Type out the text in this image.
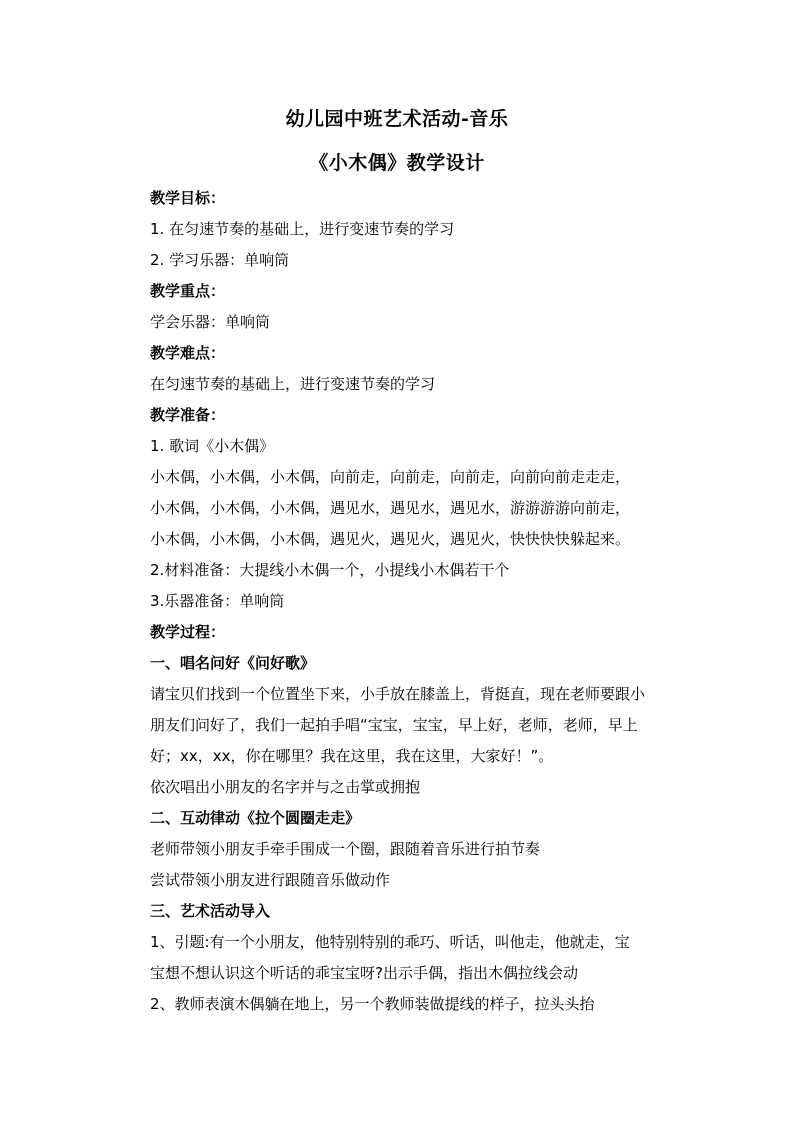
幼儿园中班艺术活动-音乐
《小木偶》教学设计
教学目标：
1. 在匀速节奏的基础上，进行变速节奏的学习
2. 学习乐器：单响筒
教学重点：
学会乐器：单响筒
教学难点：
在匀速节奏的基础上，进行变速节奏的学习
教学准备：
1. 歌词《小木偶》
小木偶，小木偶，小木偶，向前走，向前走，向前走，向前向前走走走，
小木偶，小木偶，小木偶，遇见水，遇见水，遇见水，游游游游向前走，
小木偶，小木偶，小木偶，遇见火，遇见火，遇见火，快快快快躲起来。
2.材料准备：大提线小木偶一个，小提线小木偶若干个
3.乐器准备：单响筒
教学过程：
一、唱名问好《问好歌》
请宝贝们找到一个位置坐下来，小手放在膝盖上，背挺直，现在老师要跟小
朋友们问好了，我们一起拍手唱“宝宝，宝宝，早上好，老师，老师，早上
好；xx，xx，你在哪里？我在这里，我在这里，大家好！”。
依次唱出小朋友的名字并与之击掌或拥抱
二、互动律动《拉个圆圈走走》
老师带领小朋友手牵手围成一个圈，跟随着音乐进行拍节奏
尝试带领小朋友进行跟随音乐做动作
三、艺术活动导入
1、引题:有一个小朋友，他特别特别的乖巧、听话，叫他走，他就走，宝
宝想不想认识这个听话的乖宝宝呀?出示手偶，指出木偶拉线会动
2、教师表演木偶躺在地上，另一个教师装做提线的样子，拉头头抬
